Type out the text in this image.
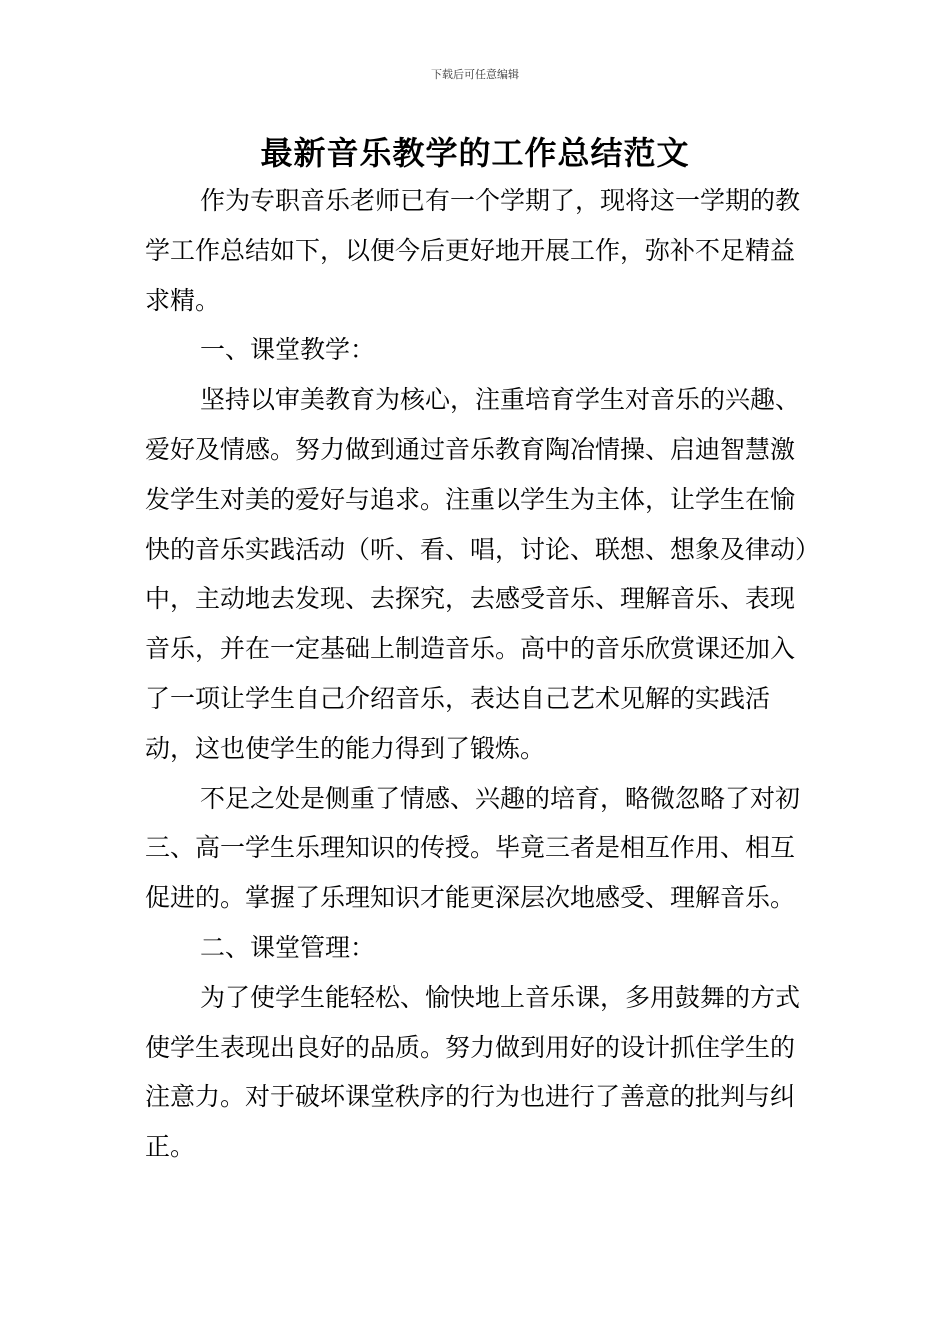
下载后可任意编辑
最新音乐教学的工作总结范文

作为专职音乐老师已有一个学期了，现将这一学期的教学工作总结如下，以便今后更好地开展工作，弥补不足精益求精。

一、课堂教学：

坚持以审美教育为核心，注重培育学生对音乐的兴趣、爱好及情感。努力做到通过音乐教育陶冶情操、启迪智慧激发学生对美的爱好与追求。注重以学生为主体，让学生在愉快的音乐实践活动（听、看、唱，讨论、联想、想象及律动）中，主动地去发现、去探究，去感受音乐、理解音乐、表现音乐，并在一定基础上制造音乐。高中的音乐欣赏课还加入了一项让学生自己介绍音乐，表达自己艺术见解的实践活动，这也使学生的能力得到了锻炼。

不足之处是侧重了情感、兴趣的培育，略微忽略了对初三、高一学生乐理知识的传授。毕竟三者是相互作用、相互促进的。掌握了乐理知识才能更深层次地感受、理解音乐。

二、课堂管理：

为了使学生能轻松、愉快地上音乐课，多用鼓舞的方式使学生表现出良好的品质。努力做到用好的设计抓住学生的注意力。对于破坏课堂秩序的行为也进行了善意的批判与纠正。
